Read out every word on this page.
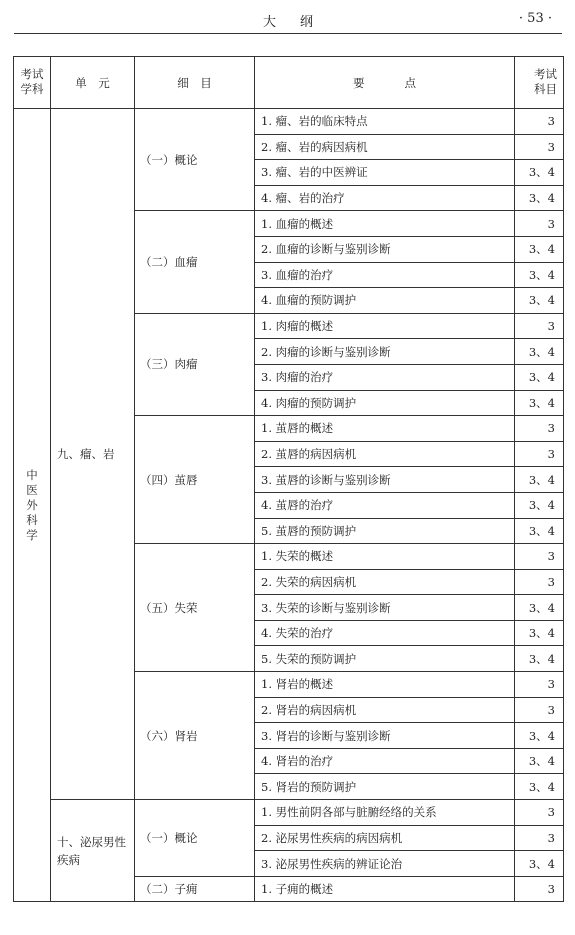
大纲	· 53 ·
考试学科	单　元	细　目	要点	考试科目
中医外科学	九、瘤、岩	（一）概论	1. 瘤、岩的临床特点	3
			2. 瘤、岩的病因病机	3
			3. 瘤、岩的中医辨证	3、4
			4. 瘤、岩的治疗	3、4
		（二）血瘤	1. 血瘤的概述	3
			2. 血瘤的诊断与鉴别诊断	3、4
			3. 血瘤的治疗	3、4
			4. 血瘤的预防调护	3、4
		（三）肉瘤	1. 肉瘤的概述	3
			2. 肉瘤的诊断与鉴别诊断	3、4
			3. 肉瘤的治疗	3、4
			4. 肉瘤的预防调护	3、4
		（四）茧唇	1. 茧唇的概述	3
			2. 茧唇的病因病机	3
			3. 茧唇的诊断与鉴别诊断	3、4
			4. 茧唇的治疗	3、4
			5. 茧唇的预防调护	3、4
		（五）失荣	1. 失荣的概述	3
			2. 失荣的病因病机	3
			3. 失荣的诊断与鉴别诊断	3、4
			4. 失荣的治疗	3、4
			5. 失荣的预防调护	3、4
		（六）肾岩	1. 肾岩的概述	3
			2. 肾岩的病因病机	3
			3. 肾岩的诊断与鉴别诊断	3、4
			4. 肾岩的治疗	3、4
			5. 肾岩的预防调护	3、4
	十、泌尿男性疾病	（一）概论	1. 男性前阴各部与脏腑经络的关系	3
			2. 泌尿男性疾病的病因病机	3
			3. 泌尿男性疾病的辨证论治	3、4
		（二）子痈	1. 子痈的概述	3
